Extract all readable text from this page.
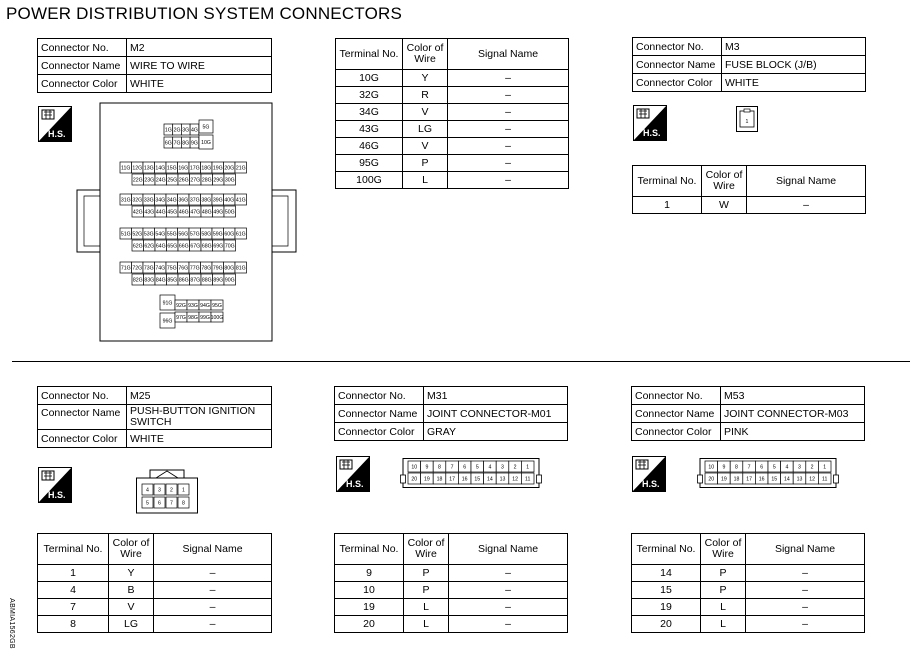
POWER DISTRIBUTION SYSTEM CONNECTORS
Connector No.	M2
Connector Name	WIRE TO WIRE
Connector Color	WHITE
H.S.	1G 2G 3G 4G
6G 7G 8G 9G
5G
10G
11G 12G 13G 14G 15G 16G 17G 18G 19G 20G 21G
22G 23G 24G 25G 26G 27G 28G 29G 30G
31G 32G 33G 34G 34G 36G 37G 38G 39G 40G 41G
42G 43G 44G 45G 46G 47G 48G 49G 50G
51G 52G 53G 54G 55G 56G 57G 58G 59G 60G 61G
62G 62G 64G 65G 66G 67G 68G 69G 70G
71G 72G 73G 74G 75G 76G 77G 78G 79G 80G 81G
82G 83G 84G 85G 86G 87G 88G 89G 90G
91G
96G
92G 93G 94G 95G
97G 98G 99G 100G
Terminal No.	Color of Wire	Signal Name
10G	Y	–
32G	R	–
34G	V	–
43G	LG	–
46G	V	–
95G	P	–
100G	L	–
Connector No.	M3
Connector Name	FUSE BLOCK (J/B)
Connector Color	WHITE
H.S.
1
Terminal No.	Color of Wire	Signal Name
1	W	–
Connector No.	M25
Connector Name	PUSH-BUTTON IGNITION SWITCH
Connector Color	WHITE
H.S.	4 3 2 1
5 6 7 8
Terminal No.	Color of Wire	Signal Name
1	Y	–
4	B	–
7	V	–
8	LG	–
Connector No.	M31
Connector Name	JOINT CONNECTOR-M01
Connector Color	GRAY
H.S.
10 9 8 7 6 5 4 3 2 1
20 19 18 17 16 15 14 13 12 11
Terminal No.	Color of Wire	Signal Name
9	P	–
10	P	–
19	L	–
20	L	–
Connector No.	M53
Connector Name	JOINT CONNECTOR-M03
Connector Color	PINK
H.S.
10 9 8 7 6 5 4 3 2 1
20 19 18 17 16 15 14 13 12 11
Terminal No.	Color of Wire	Signal Name
14	P	–
15	P	–
19	L	–
20	L	–
ABMIA1562GB
